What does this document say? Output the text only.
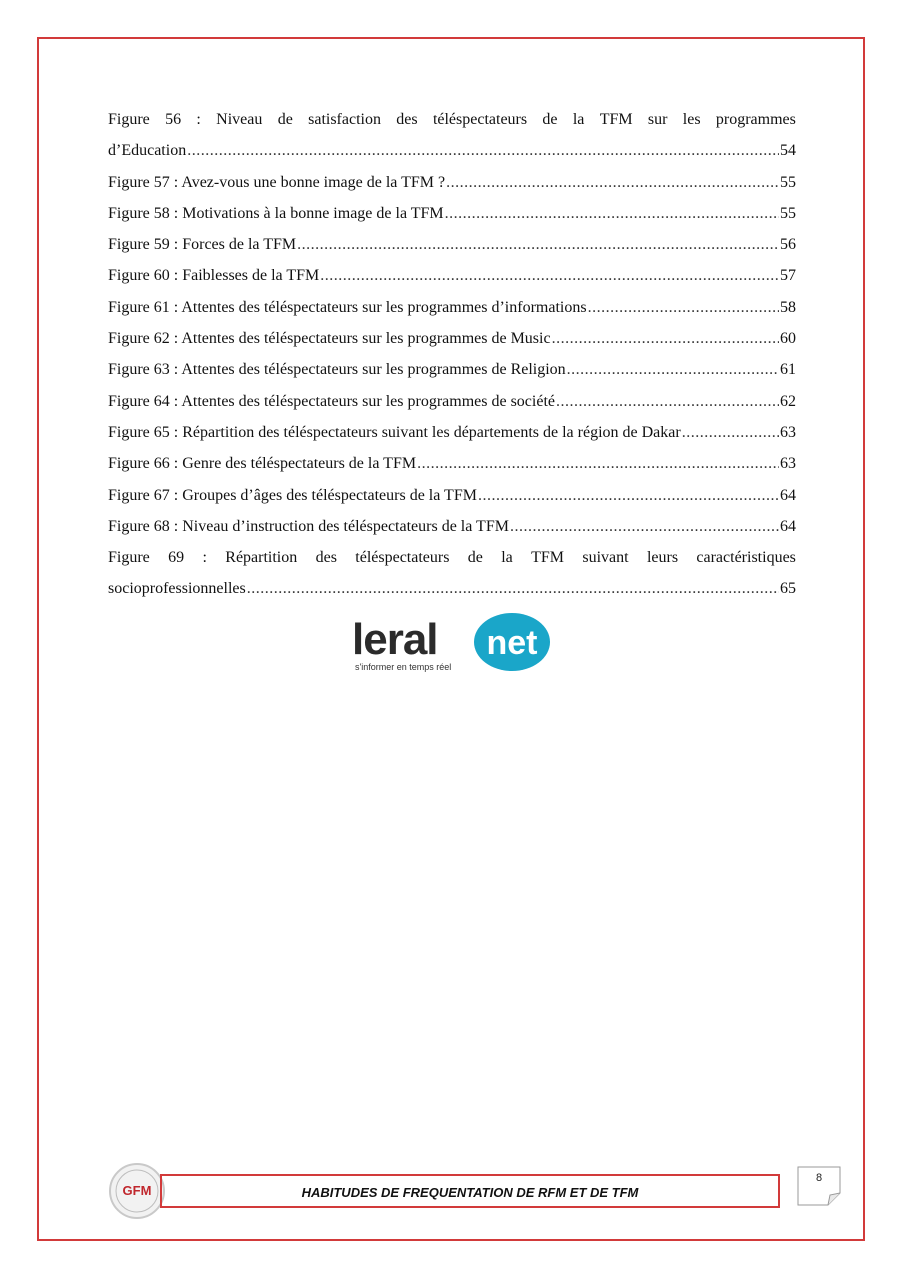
Figure 56 : Niveau de satisfaction des téléspectateurs de la TFM sur les programmes
d’Education .....	54
Figure 57 : Avez-vous une bonne image de la TFM ? .....	55
Figure 58 : Motivations à la bonne image de la TFM .....	55
Figure 59 : Forces de la TFM .....	56
Figure 60 : Faiblesses de la TFM .....	57
Figure 61 : Attentes des téléspectateurs sur les programmes d’informations .....	58
Figure 62 : Attentes des téléspectateurs sur les programmes de Music .....	60
Figure 63 : Attentes des téléspectateurs sur les programmes de Religion .....	61
Figure 64 : Attentes des téléspectateurs sur les programmes de société .....	62
Figure 65 : Répartition des téléspectateurs suivant les départements de la région de Dakar .....	63
Figure 66 : Genre des téléspectateurs de la TFM .....	63
Figure 67 : Groupes d’âges des téléspectateurs de la TFM .....	64
Figure 68 : Niveau d’instruction des téléspectateurs de la TFM .....	64
Figure 69 : Répartition des téléspectateurs de la TFM suivant leurs caractéristiques
socioprofessionnelles .....	65
leral net
s'informer en temps réel
GFM	HABITUDES DE FREQUENTATION DE RFM ET DE TFM
8
